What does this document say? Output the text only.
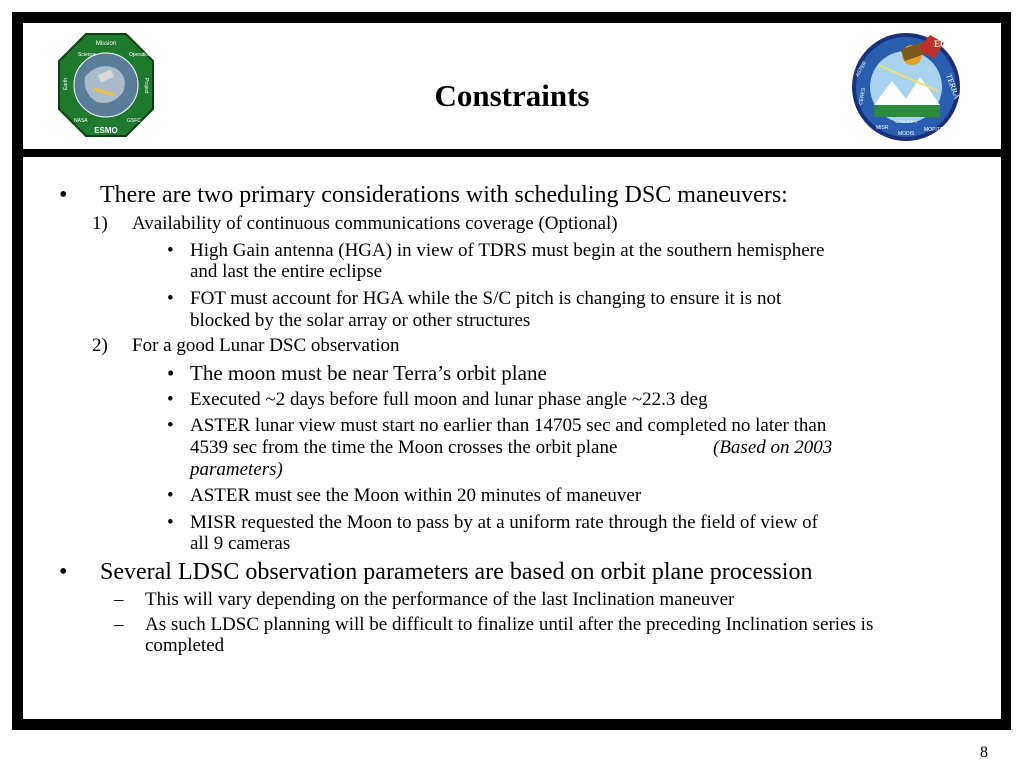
Mission
Science	Operations
Earth	Project
NASA	GSFC
ESMO
EOS
TERRA
ASTER
CERES
MISR
MODIS
MOPITT
NASA GSFC
Constraints
• There are two primary considerations with scheduling DSC maneuvers:
1) Availability of continuous communications coverage (Optional)
• High Gain antenna (HGA) in view of TDRS must begin at the southern hemisphere
and last the entire eclipse
• FOT must account for HGA while the S/C pitch is changing to ensure it is not
blocked by the solar array or other structures
2) For a good Lunar DSC observation
• The moon must be near Terra’s orbit plane
• Executed ~2 days before full moon and lunar phase angle ~22.3 deg
• ASTER lunar view must start no earlier than 14705 sec and completed no later than
4539 sec from the time the Moon crosses the orbit plane	(Based on 2003
parameters)
• ASTER must see the Moon within 20 minutes of maneuver
• MISR requested the Moon to pass by at a uniform rate through the field of view of
all 9 cameras
• Several LDSC observation parameters are based on orbit plane procession
– This will vary depending on the performance of the last Inclination maneuver
– As such LDSC planning will be difficult to finalize until after the preceding Inclination series is
completed
8
